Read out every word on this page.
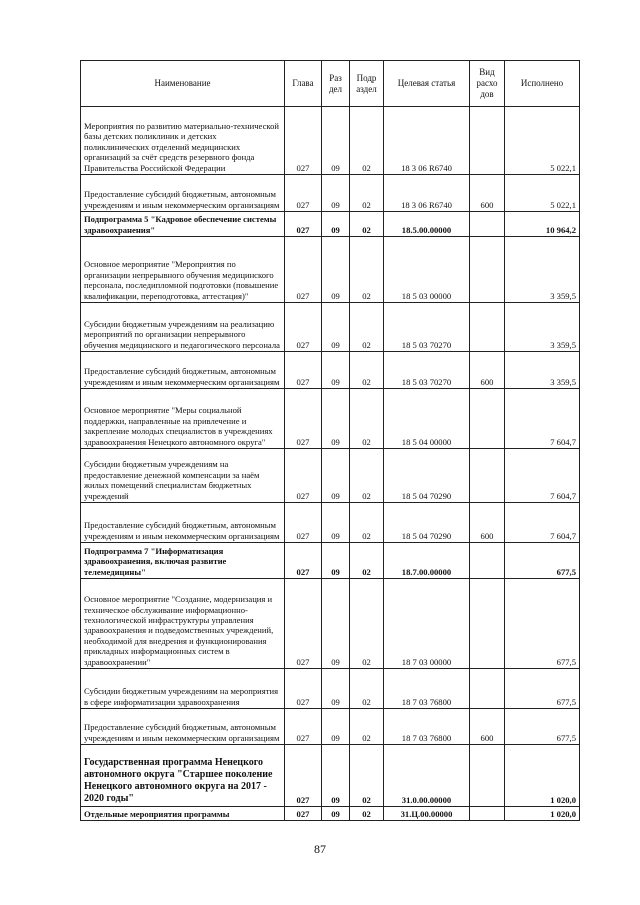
Наименование	Глава	Раз дел	Подр аздел	Целевая статья	Вид расхо дов	Исполнено
Мероприятия по развитию материально-технической базы детских поликлиник и детских поликлинических отделений медицинских организаций за счёт средств резервного фонда Правительства Российской Федерации	027	09	02	18 3 06 R6740		5 022,1
Предоставление субсидий бюджетным, автономным учреждениям и иным некоммерческим организациям	027	09	02	18 3 06 R6740	600	5 022,1
Подпрограмма 5 "Кадровое обеспечение системы здравоохранения"	027	09	02	18.5.00.00000		10 964,2
Основное мероприятие "Мероприятия по организации непрерывного обучения медицинского персонала, последипломной подготовки (повышение квалификации, переподготовка, аттестация)"	027	09	02	18 5 03 00000		3 359,5
Субсидии бюджетным учреждениям на реализацию мероприятий по организации непрерывного обучения медицинского и педагогического персонала	027	09	02	18 5 03 70270		3 359,5
Предоставление субсидий бюджетным, автономным учреждениям и иным некоммерческим организациям	027	09	02	18 5 03 70270	600	3 359,5
Основное мероприятие "Меры социальной поддержки, направленные на привлечение и закрепление молодых специалистов в учреждениях здравоохранения Ненецкого автономного округа"	027	09	02	18 5 04 00000		7 604,7
Субсидии бюджетным учреждениям на предоставление денежной компенсации за наём жилых помещений специалистам бюджетных учреждений	027	09	02	18 5 04 70290		7 604,7
Предоставление субсидий бюджетным, автономным учреждениям и иным некоммерческим организациям	027	09	02	18 5 04 70290	600	7 604,7
Подпрограмма 7 "Информатизация здравоохранения, включая развитие телемедицины"	027	09	02	18.7.00.00000		677,5
Основное мероприятие "Создание, модернизация и техническое обслуживание информационно-технологической инфраструктуры управления здравоохранения и подведомственных учреждений, необходимой для внедрения и функционирования прикладных информационных систем в здравоохранении"	027	09	02	18 7 03 00000		677,5
Субсидии бюджетным учреждениям на мероприятия в сфере информатизации здравоохранения	027	09	02	18 7 03 76800		677,5
Предоставление субсидий бюджетным, автономным учреждениям и иным некоммерческим организациям	027	09	02	18 7 03 76800	600	677,5
Государственная программа Ненецкого автономного округа "Старшее поколение Ненецкого автономного округа на 2017 - 2020 годы"	027	09	02	31.0.00.00000		1 020,0
Отдельные мероприятия программы	027	09	02	31.Ц.00.00000		1 020,0
87
